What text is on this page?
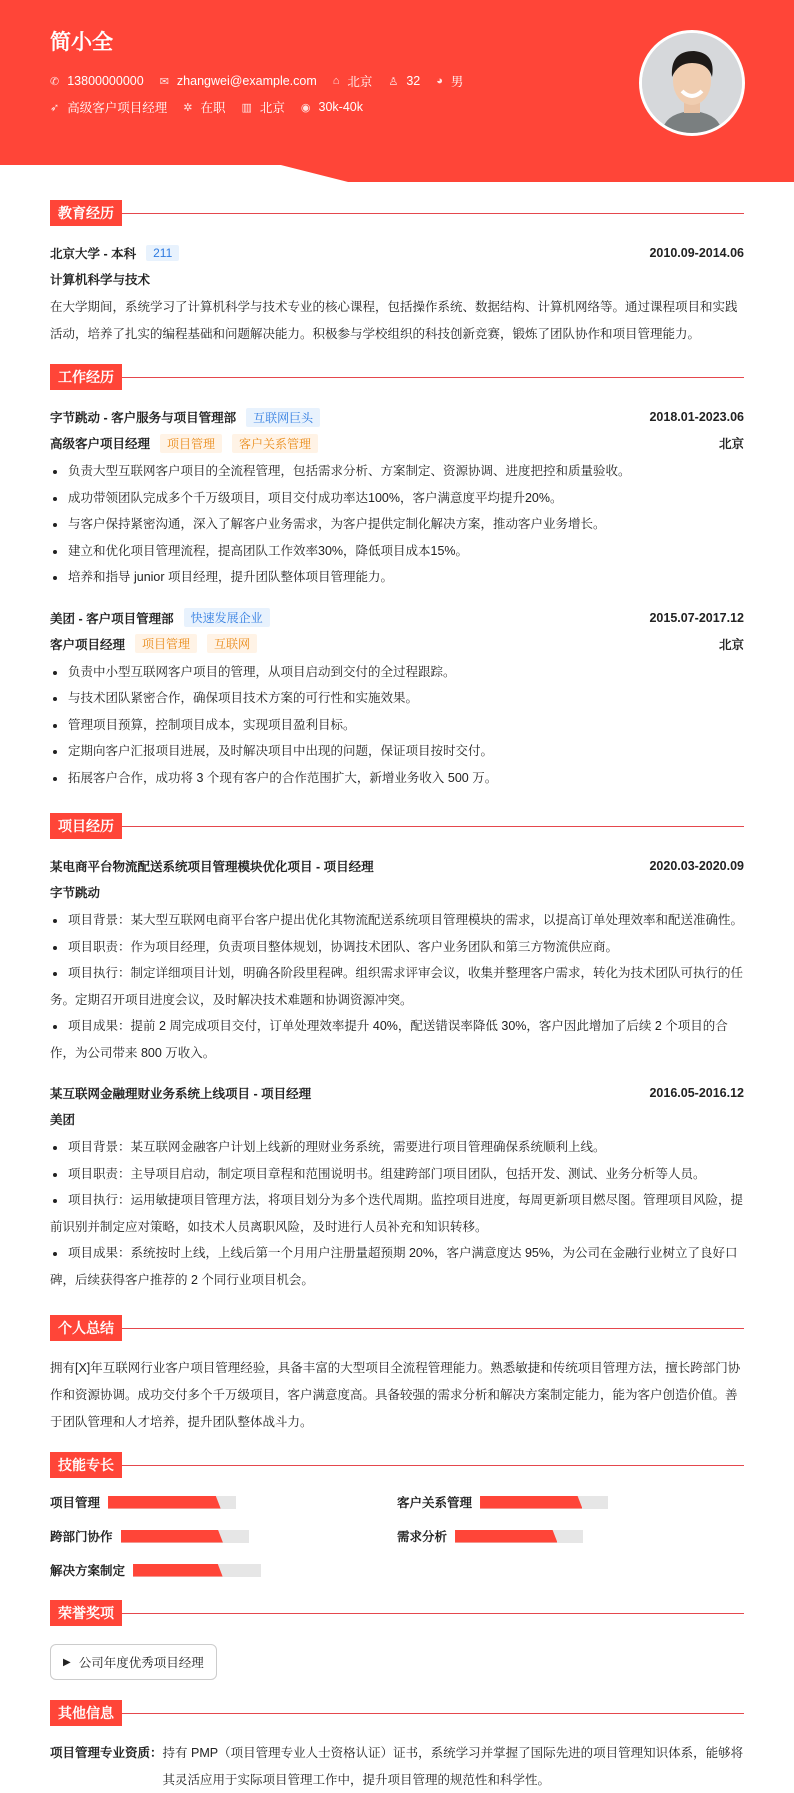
简小全
✆ 13800000000 ✉ zhangwei@example.com ⌂ 北京 ♙ 32 ◕ 男
➶ 高级客户项目经理 ✲ 在职 ▥ 北京 ◉ 30k-40k
教育经历
北京大学 - 本科	211	2010.09-2014.06
计算机科学与技术

在大学期间，系统学习了计算机科学与技术专业的核心课程，包括操作系统、数据结构、计算机网络等。通过课程项目和实践活动，培养了扎实的编程基础和问题解决能力。积极参与学校组织的科技创新竞赛，锻炼了团队协作和项目管理能力。

工作经历
字节跳动 - 客户服务与项目管理部	互联网巨头	2018.01-2023.06
高级客户项目经理	项目管理	客户关系管理	北京
负责大型互联网客户项目的全流程管理，包括需求分析、方案制定、资源协调、进度把控和质量验收。
成功带领团队完成多个千万级项目，项目交付成功率达100%，客户满意度平均提升20%。
与客户保持紧密沟通，深入了解客户业务需求，为客户提供定制化解决方案，推动客户业务增长。
建立和优化项目管理流程，提高团队工作效率30%，降低项目成本15%。
培养和指导 junior 项目经理，提升团队整体项目管理能力。
美团 - 客户项目管理部	快速发展企业	2015.07-2017.12
客户项目经理	项目管理	互联网	北京
负责中小型互联网客户项目的管理，从项目启动到交付的全过程跟踪。
与技术团队紧密合作，确保项目技术方案的可行性和实施效果。
管理项目预算，控制项目成本，实现项目盈利目标。
定期向客户汇报项目进展，及时解决项目中出现的问题，保证项目按时交付。
拓展客户合作，成功将 3 个现有客户的合作范围扩大，新增业务收入 500 万。
项目经历
某电商平台物流配送系统项目管理模块优化项目 - 项目经理	2020.03-2020.09
字节跳动
项目背景：某大型互联网电商平台客户提出优化其物流配送系统项目管理模块的需求，以提高订单处理效率和配送准确性。
项目职责：作为项目经理，负责项目整体规划，协调技术团队、客户业务团队和第三方物流供应商。
项目执行：制定详细项目计划，明确各阶段里程碑。组织需求评审会议，收集并整理客户需求，转化为技术团队可执行的任务。定期召开项目进度会议，及时解决技术难题和协调资源冲突。
项目成果：提前 2 周完成项目交付，订单处理效率提升 40%，配送错误率降低 30%，客户因此增加了后续 2 个项目的合作，为公司带来 800 万收入。
某互联网金融理财业务系统上线项目 - 项目经理	2016.05-2016.12
美团
项目背景：某互联网金融客户计划上线新的理财业务系统，需要进行项目管理确保系统顺利上线。
项目职责：主导项目启动，制定项目章程和范围说明书。组建跨部门项目团队，包括开发、测试、业务分析等人员。
项目执行：运用敏捷项目管理方法，将项目划分为多个迭代周期。监控项目进度，每周更新项目燃尽图。管理项目风险，提前识别并制定应对策略，如技术人员离职风险，及时进行人员补充和知识转移。
项目成果：系统按时上线，上线后第一个月用户注册量超预期 20%，客户满意度达 95%，为公司在金融行业树立了良好口碑，后续获得客户推荐的 2 个同行业项目机会。
个人总结

拥有[X]年互联网行业客户项目管理经验，具备丰富的大型项目全流程管理能力。熟悉敏捷和传统项目管理方法，擅长跨部门协作和资源协调。成功交付多个千万级项目，客户满意度高。具备较强的需求分析和解决方案制定能力，能为客户创造价值。善于团队管理和人才培养，提升团队整体战斗力。

技能专长
项目管理	客户关系管理
跨部门协作	需求分析
解决方案制定
荣誉奖项
▶ 公司年度优秀项目经理
其他信息
项目管理专业资质： 持有 PMP（项目管理专业人士资格认证）证书，系统学习并掌握了国际先进的项目管理知识体系，能够将其灵活应用于实际项目管理工作中，提升项目管理的规范性和科学性。
